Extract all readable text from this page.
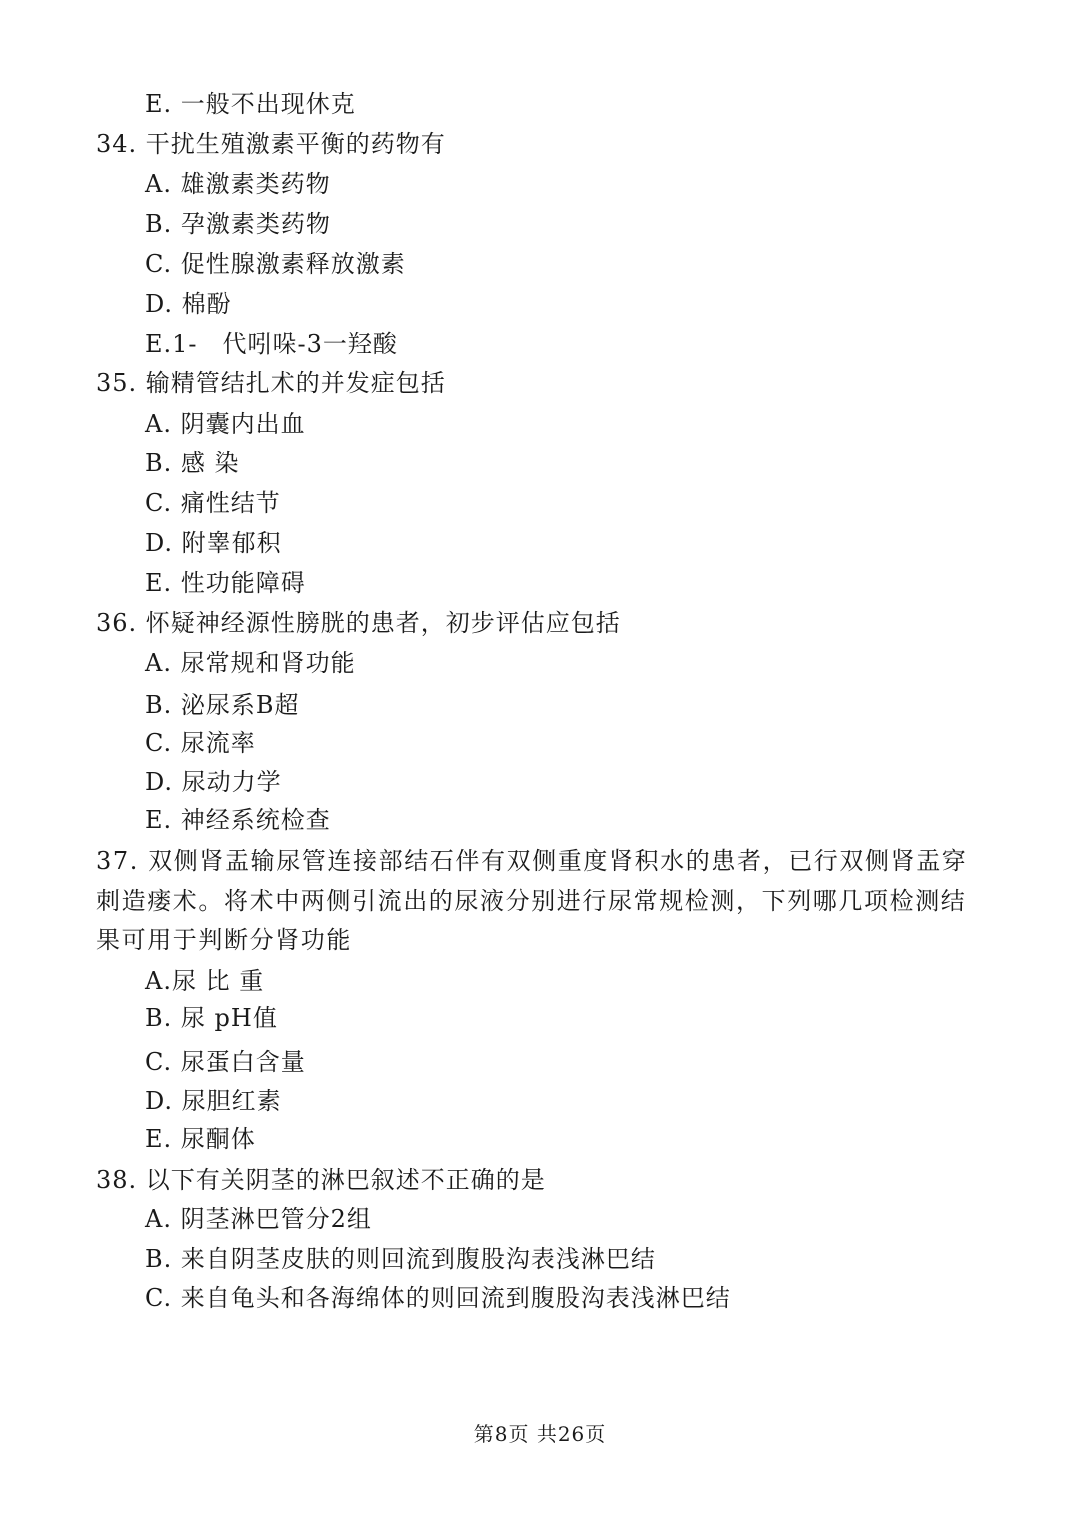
E. 一般不出现休克
34. 干扰生殖激素平衡的药物有
A. 雄激素类药物
B. 孕激素类药物
C. 促性腺激素释放激素
D. 棉酚
E.1-　代吲哚-3一羟酸
35. 输精管结扎术的并发症包括
A. 阴囊内出血
B. 感 染
C. 痛性结节
D. 附睾郁积
E. 性功能障碍
36. 怀疑神经源性膀胱的患者，初步评估应包括
A. 尿常规和肾功能
B. 泌尿系B超
C. 尿流率
D. 尿动力学
E. 神经系统检查
37. 双侧肾盂输尿管连接部结石伴有双侧重度肾积水的患者，已行双侧肾盂穿
刺造瘘术。将术中两侧引流出的尿液分别进行尿常规检测，下列哪几项检测结
果可用于判断分肾功能
A.尿 比 重
B. 尿 pH值
C. 尿蛋白含量
D. 尿胆红素
E. 尿酮体
38. 以下有关阴茎的淋巴叙述不正确的是
A. 阴茎淋巴管分2组
B. 来自阴茎皮肤的则回流到腹股沟表浅淋巴结
C. 来自龟头和各海绵体的则回流到腹股沟表浅淋巴结
第8页 共26页
